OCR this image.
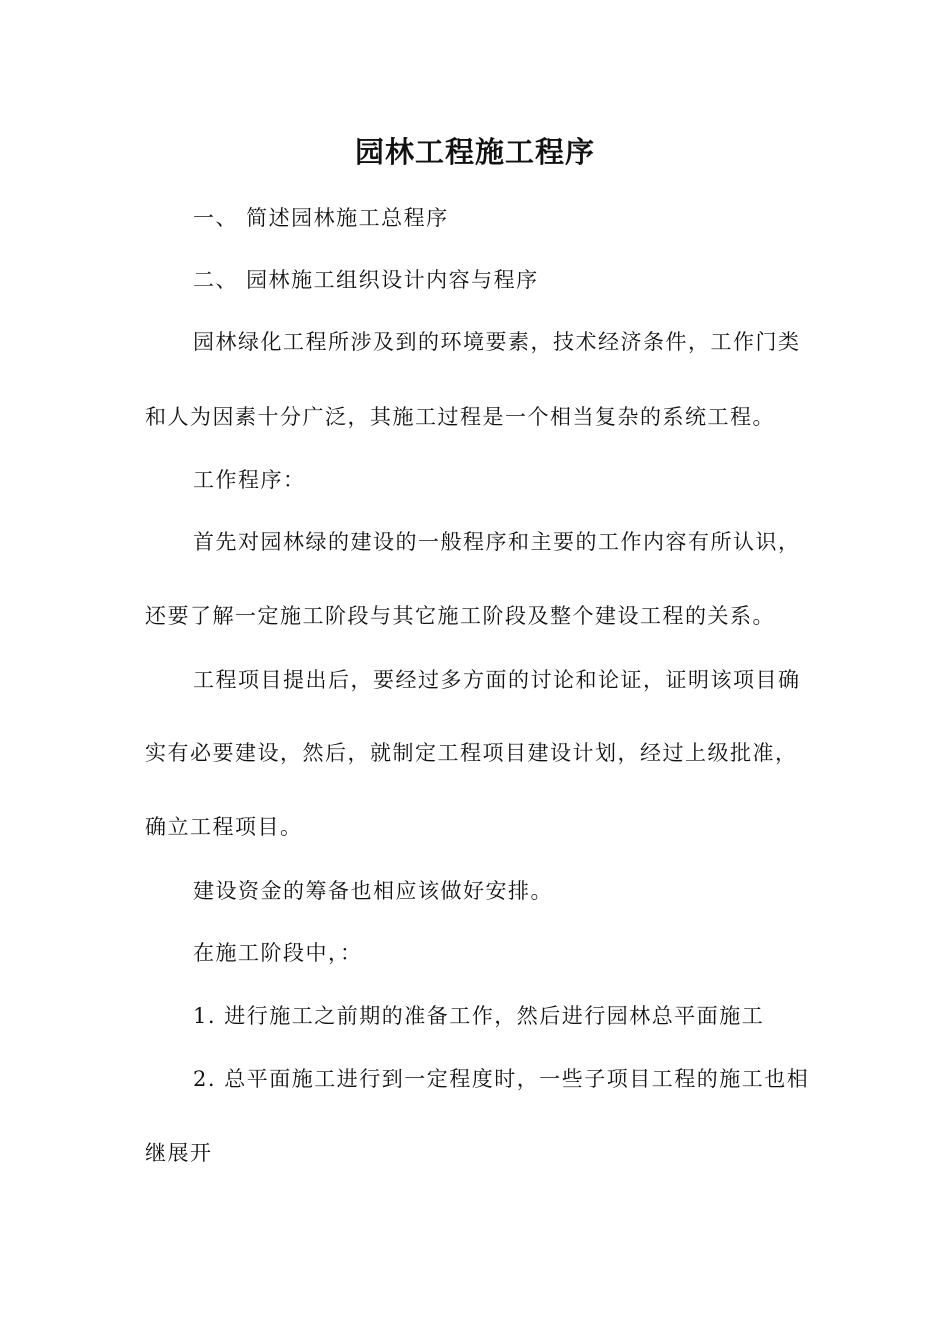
园林工程施工程序
一、 简述园林施工总程序
二、 园林施工组织设计内容与程序
园林绿化工程所涉及到的环境要素，技术经济条件，工作门类
和人为因素十分广泛，其施工过程是一个相当复杂的系统工程。
工作程序：
首先对园林绿的建设的一般程序和主要的工作内容有所认识，
还要了解一定施工阶段与其它施工阶段及整个建设工程的关系。
工程项目提出后，要经过多方面的讨论和论证，证明该项目确
实有必要建设，然后，就制定工程项目建设计划，经过上级批准，
确立工程项目。
建设资金的筹备也相应该做好安排。
在施工阶段中，：
1. 进行施工之前期的准备工作，然后进行园林总平面施工
2. 总平面施工进行到一定程度时，一些子项目工程的施工也相
继展开
